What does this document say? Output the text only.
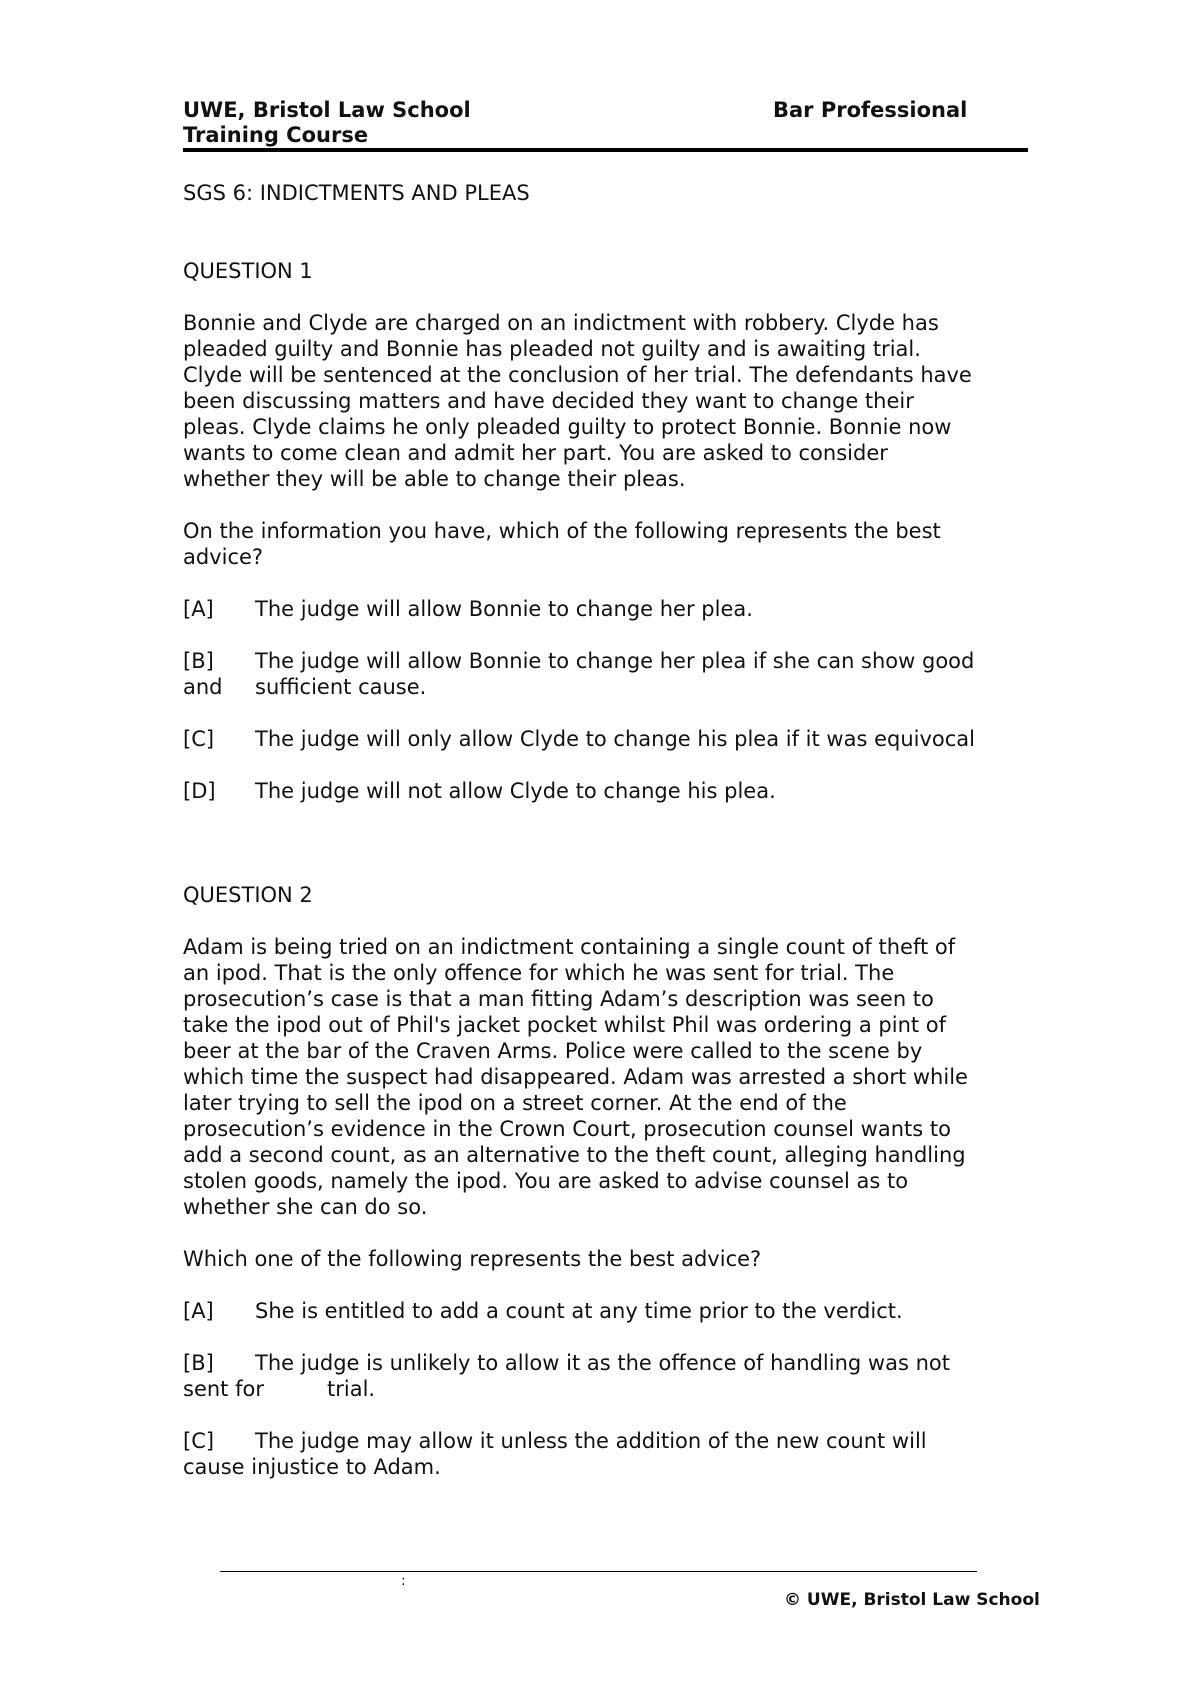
UWE, Bristol Law School	Bar Professional
Training Course
SGS 6: INDICTMENTS AND PLEAS
QUESTION 1
Bonnie and Clyde are charged on an indictment with robbery. Clyde has
pleaded guilty and Bonnie has pleaded not guilty and is awaiting trial.
Clyde will be sentenced at the conclusion of her trial. The defendants have
been discussing matters and have decided they want to change their
pleas. Clyde claims he only pleaded guilty to protect Bonnie. Bonnie now
wants to come clean and admit her part. You are asked to consider
whether they will be able to change their pleas.
On the information you have, which of the following represents the best
advice?
[A] The judge will allow Bonnie to change her plea.
[B] The judge will allow Bonnie to change her plea if she can show good
and sufficient cause.
[C] The judge will only allow Clyde to change his plea if it was equivocal
[D] The judge will not allow Clyde to change his plea.
QUESTION 2
Adam is being tried on an indictment containing a single count of theft of
an ipod. That is the only offence for which he was sent for trial. The
prosecution’s case is that a man fitting Adam’s description was seen to
take the ipod out of Phil's jacket pocket whilst Phil was ordering a pint of
beer at the bar of the Craven Arms. Police were called to the scene by
which time the suspect had disappeared. Adam was arrested a short while
later trying to sell the ipod on a street corner. At the end of the
prosecution’s evidence in the Crown Court, prosecution counsel wants to
add a second count, as an alternative to the theft count, alleging handling
stolen goods, namely the ipod. You are asked to advise counsel as to
whether she can do so.
Which one of the following represents the best advice?
[A] She is entitled to add a count at any time prior to the verdict.
[B] The judge is unlikely to allow it as the offence of handling was not
sent for	trial.
[C] The judge may allow it unless the addition of the new count will
cause injustice to Adam.
:
© UWE, Bristol Law School
